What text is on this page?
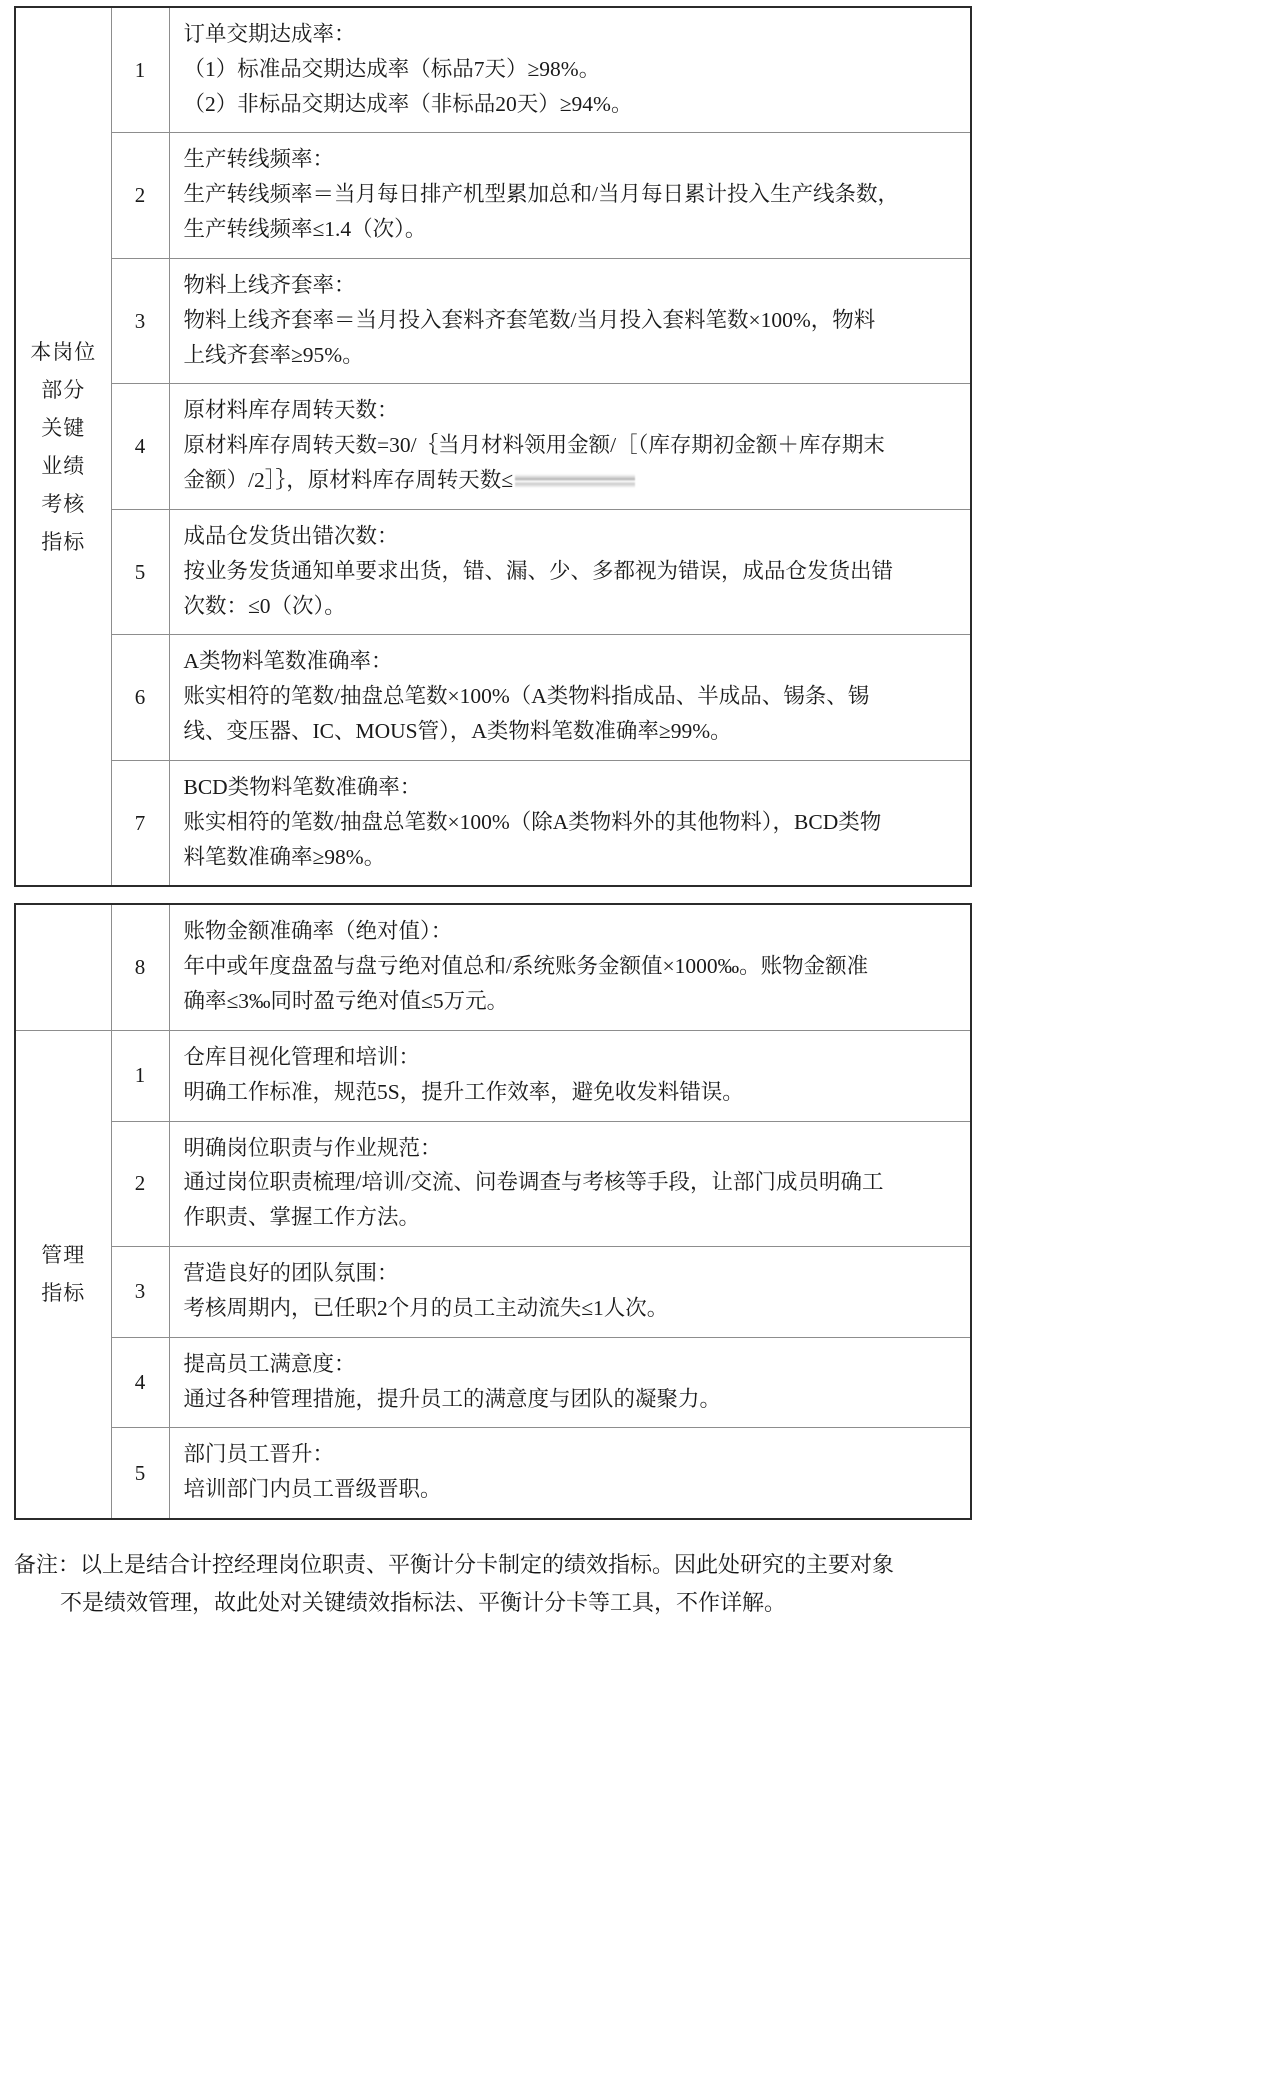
本岗位
部分
关键
业绩
考核
指标
	1	
订单交期达成率：
（1）标准品交期达成率（标品7天）≥98%。
（2）非标品交期达成率（非标品20天）≥94%。

	2	生产转线频率：
生产转线频率＝当月每日排产机型累加总和/当月每日累计投入生产线条数，
生产转线频率≤1.4（次）。

	3	物料上线齐套率：
物料上线齐套率＝当月投入套料齐套笔数/当月投入套料笔数×100%，物料
上线齐套率≥95%。

	4	原材料库存周转天数：
原材料库存周转天数=30/｛当月材料领用金额/［（库存期初金额＋库存期末
金额）/2］｝，原材料库存周转天数≤

	5	成品仓发货出错次数：
按业务发货通知单要求出货，错、漏、少、多都视为错误，成品仓发货出错
次数：≤0（次）。

	6	A类物料笔数准确率：
账实相符的笔数/抽盘总笔数×100%（A类物料指成品、半成品、锡条、锡
线、变压器、IC、MOUS管），A类物料笔数准确率≥99%。

	7	BCD类物料笔数准确率：
账实相符的笔数/抽盘总笔数×100%（除A类物料外的其他物料），BCD类物
料笔数准确率≥98%。
	8	账物金额准确率（绝对值）：
年中或年度盘盈与盘亏绝对值总和/系统账务金额值×1000‰。账物金额准
确率≤3‰同时盈亏绝对值≤5万元。

管理
指标	1	仓库目视化管理和培训：
明确工作标准，规范5S，提升工作效率，避免收发料错误。

	2	明确岗位职责与作业规范：
通过岗位职责梳理/培训/交流、问卷调查与考核等手段，让部门成员明确工
作职责、掌握工作方法。

	3	营造良好的团队氛围：
考核周期内，已任职2个月的员工主动流失≤1人次。

	4	提高员工满意度：
通过各种管理措施，提升员工的满意度与团队的凝聚力。

	5	部门员工晋升：
培训部门内员工晋级晋职。
备注：以上是结合计控经理岗位职责、平衡计分卡制定的绩效指标。因此处研究的主要对象
不是绩效管理，故此处对关键绩效指标法、平衡计分卡等工具，不作详解。
